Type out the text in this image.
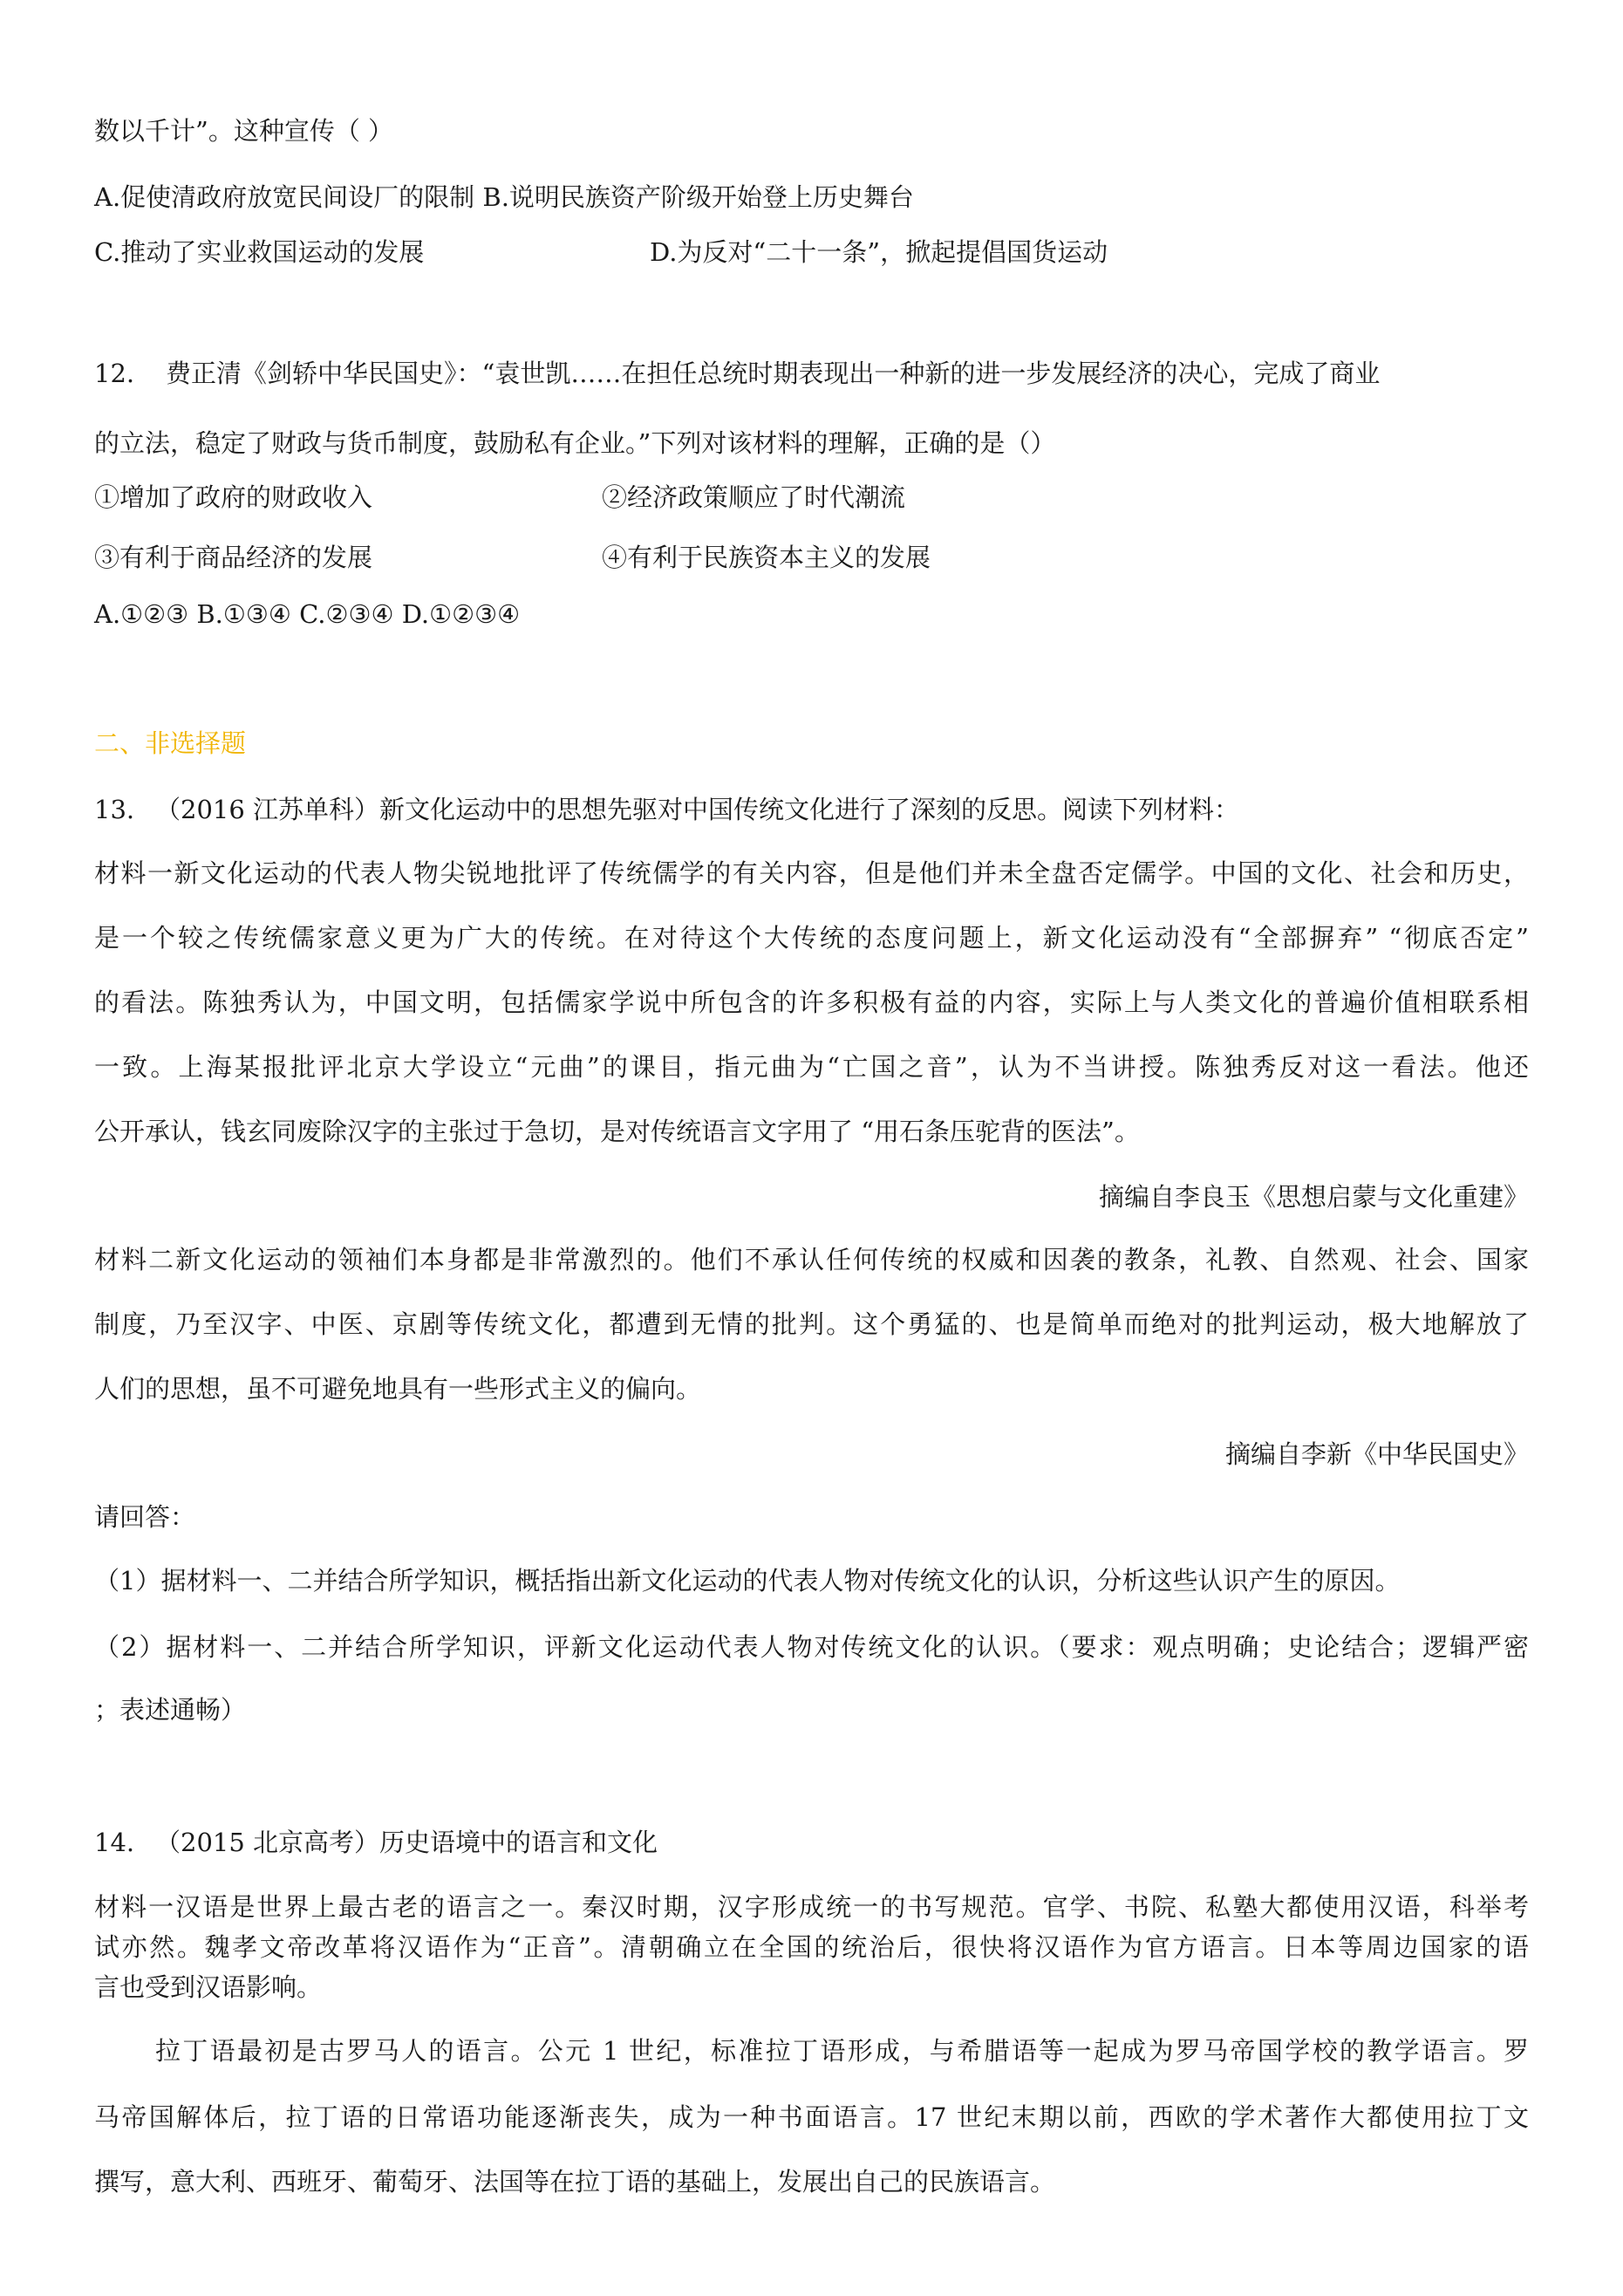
数以千计”。这种宣传（ ）
A.促使清政府放宽民间设厂的限制 B.说明民族资产阶级开始登上历史舞台
C.推动了实业救国运动的发展	D.为反对“二十一条”，掀起提倡国货运动
12. 费正清《剑轿中华民国史》：“袁世凯……在担任总统时期表现出一种新的进一步发展经济的决心，完成了商业
的立法，稳定了财政与货币制度，鼓励私有企业。”下列对该材料的理解，正确的是（）
①增加了政府的财政收入	②经济政策顺应了时代潮流
③有利于商品经济的发展	④有利于民族资本主义的发展
A.①②③ B.①③④ C.②③④ D.①②③④
二、非选择题
13. （2016 江苏单科）新文化运动中的思想先驱对中国传统文化进行了深刻的反思。阅读下列材料：
材料一新文化运动的代表人物尖锐地批评了传统儒学的有关内容，但是他们并未全盘否定儒学。中国的文化、社会和历史，
是一个较之传统儒家意义更为广大的传统。在对待这个大传统的态度问题上，新文化运动没有“全部摒弃” “彻底否定”
的看法。陈独秀认为，中国文明，包括儒家学说中所包含的许多积极有益的内容，实际上与人类文化的普遍价值相联系相
一致。上海某报批评北京大学设立“元曲”的课目，指元曲为“亡国之音”，认为不当讲授。陈独秀反对这一看法。他还
公开承认，钱玄同废除汉字的主张过于急切，是对传统语言文字用了 “用石条压驼背的医法”。
摘编自李良玉《思想启蒙与文化重建》
材料二新文化运动的领袖们本身都是非常激烈的。他们不承认任何传统的权威和因袭的教条，礼教、自然观、社会、国家
制度，乃至汉字、中医、京剧等传统文化，都遭到无情的批判。这个勇猛的、也是简单而绝对的批判运动，极大地解放了
人们的思想，虽不可避免地具有一些形式主义的偏向。
摘编自李新《中华民国史》
请回答：
（1）据材料一、二并结合所学知识，概括指出新文化运动的代表人物对传统文化的认识，分析这些认识产生的原因。
（2）据材料一、二并结合所学知识，评新文化运动代表人物对传统文化的认识。（要求：观点明确；史论结合；逻辑严密
；表述通畅）
14. （2015 北京高考）历史语境中的语言和文化
材料一汉语是世界上最古老的语言之一。秦汉时期，汉字形成统一的书写规范。官学、书院、私塾大都使用汉语，科举考
试亦然。魏孝文帝改革将汉语作为“正音”。清朝确立在全国的统治后，很快将汉语作为官方语言。日本等周边国家的语
言也受到汉语影响。
拉丁语最初是古罗马人的语言。公元 1 世纪，标准拉丁语形成，与希腊语等一起成为罗马帝国学校的教学语言。罗
马帝国解体后，拉丁语的日常语功能逐渐丧失，成为一种书面语言。17 世纪末期以前，西欧的学术著作大都使用拉丁文
撰写，意大利、西班牙、葡萄牙、法国等在拉丁语的基础上，发展出自己的民族语言。
